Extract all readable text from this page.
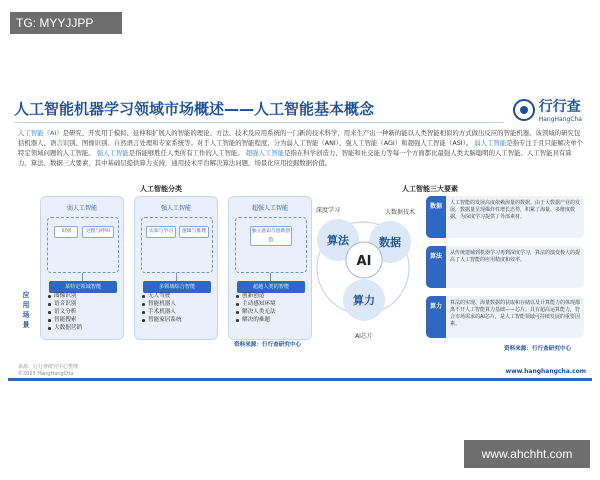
TG: MYYJJPP
人工智能机器学习领域市场概述——人工智能基本概念	行行查
HangHangCha
人工智能（AI）是研究、开发用于模拟、延伸和扩展人的智能的理论、方法、技术及应用系统的一门新的技术科学，用来生产出一种新的能以人类智能相似的方式做出反应的智能机器。该领域的研究包括机器人、语言识别、图像识别、自然语言处理和专家系统等。对于人工智能的智能程度，分为弱人工智能（ANI）、强人工智能（AGI）和超强人工智能（ASI）。 弱人工智能是指专注于且只能解决单个特定领域问题的人工智能。 强人工智能是指能够胜任人类所有工作的人工智能。 超强人工智能是指在科学创造力、智能和社交能力等每一个方面都比最强人类大脑聪明的人工智能。人工智能具有算力、算法、数据三大要素，其中基础层提供算力支持，通用技术平台解决算法问题，场景化应用挖掘数据价值。
人工智能分类
弱人工智能
识别	过程与呼叫
某特定领域智能
强人工智能
认知与学习	逻辑与推理
多领域综合智能
超强人工智能
独立意识与创新创造
超越人类的智能
应用场景
图像识别
语音识别
语义分析
智能搜索
大数据营销
无人驾驶
智能机器人
手术机器人
智能家居系统
创新创造
主动感知环境
解决人类无法
解决的难题
资料来源：行行查研究中心
人工智能三大要素
算法	数据
算力
AI
深度学习	大数据技术
AI芯片
数据	人工智能的发展高度依赖海量的数据。由于大数据产业的发展，数据量呈现爆炸性增长态势，积累了海量、多维度数据，为深度学习提供了外部素材。
算法	从传统遗辅到机器学习再到深度学习，算法的演变极大的提高了人工智能的应用精度和效率。
算力	算法的实现、海量数据的获取和存储以及计算能力的体现都离不开人工智能算力基础——芯片。具有超高运算能力，符合市场需求的AI芯片，是人工智能领域可持续发展的重要因素。
资料来源：行行查研究中心
来源：行行查研究中心整理
©2023 HangHangCha	www.hanghangcha.com
www.ahchht.com
